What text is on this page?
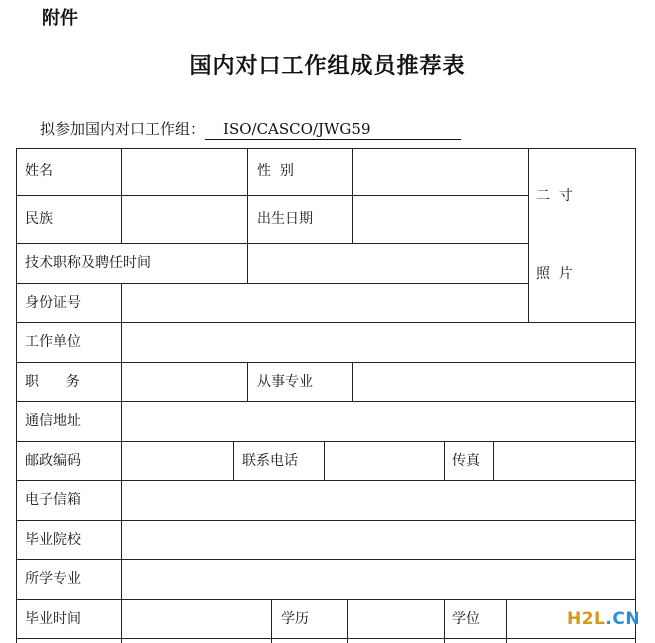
附件
国内对口工作组成员推荐表
拟参加国内对口工作组： ISO/CASCO/JWG59
姓名	性  别
民族	出生日期
二  寸
照  片
技术职称及聘任时间
身份证号
工作单位
职      务	从事专业
通信地址
邮政编码	联系电话	传真
电子信箱
毕业院校
所学专业
毕业时间	学历	学位	H2L.CN
